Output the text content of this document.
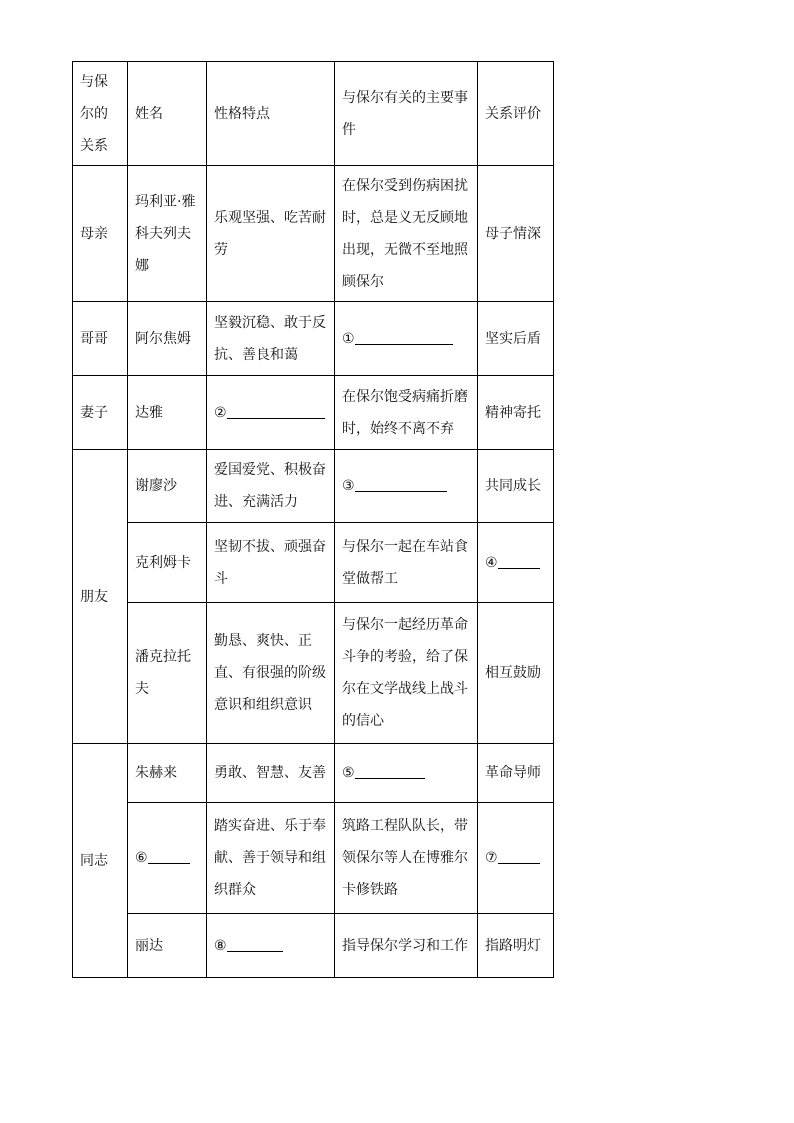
与保尔的关系	姓名	性格特点	与保尔有关的主要事件	关系评价
母亲	玛利亚·雅科夫列夫娜	乐观坚强、吃苦耐劳	在保尔受到伤病困扰时，总是义无反顾地出现，无微不至地照顾保尔	母子情深
哥哥	阿尔焦姆	坚毅沉稳、敢于反抗、善良和蔼	①	坚实后盾
妻子	达雅	②	在保尔饱受病痛折磨时，始终不离不弃	精神寄托
朋友	谢廖沙	爱国爱党、积极奋进、充满活力	③	共同成长
	克利姆卡	坚韧不拔、顽强奋斗	与保尔一起在车站食堂做帮工	④
	潘克拉托夫	勤恳、爽快、正直、有很强的阶级意识和组织意识	与保尔一起经历革命斗争的考验，给了保尔在文学战线上战斗的信心	相互鼓励
同志	朱赫来	勇敢、智慧、友善	⑤	革命导师
	⑥	踏实奋进、乐于奉献、善于领导和组织群众	筑路工程队队长，带领保尔等人在博雅尔卡修铁路	⑦
	丽达	⑧	指导保尔学习和工作	指路明灯
